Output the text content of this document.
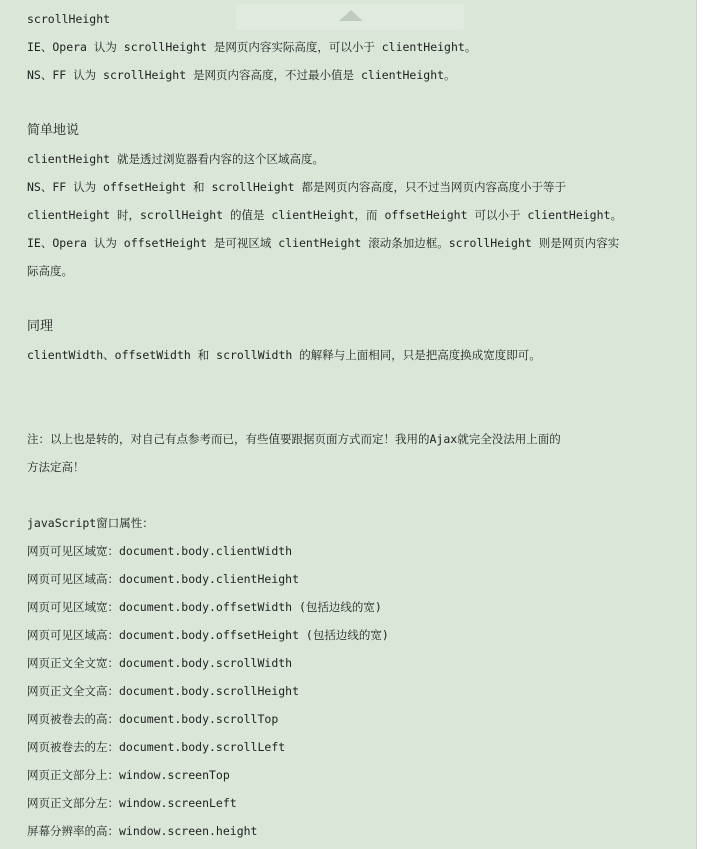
scrollHeight
IE、Opera 认为 scrollHeight 是网页内容实际高度，可以小于 clientHeight。
NS、FF 认为 scrollHeight 是网页内容高度，不过最小值是 clientHeight。
简单地说
clientHeight 就是透过浏览器看内容的这个区域高度。
NS、FF 认为 offsetHeight 和 scrollHeight 都是网页内容高度，只不过当网页内容高度小于等于
clientHeight 时，scrollHeight 的值是 clientHeight，而 offsetHeight 可以小于 clientHeight。
IE、Opera 认为 offsetHeight 是可视区域 clientHeight 滚动条加边框。scrollHeight 则是网页内容实
际高度。
同理
clientWidth、offsetWidth 和 scrollWidth 的解释与上面相同，只是把高度换成宽度即可。
注：以上也是转的，对自己有点参考而已，有些值要跟据页面方式而定！我用的Ajax就完全没法用上面的
方法定高！
javaScript窗口属性：
网页可见区域宽：document.body.clientWidth
网页可见区域高：document.body.clientHeight
网页可见区域宽：document.body.offsetWidth (包括边线的宽)
网页可见区域高：document.body.offsetHeight (包括边线的宽)
网页正文全文宽：document.body.scrollWidth
网页正文全文高：document.body.scrollHeight
网页被卷去的高：document.body.scrollTop
网页被卷去的左：document.body.scrollLeft
网页正文部分上：window.screenTop
网页正文部分左：window.screenLeft
屏幕分辨率的高：window.screen.height
